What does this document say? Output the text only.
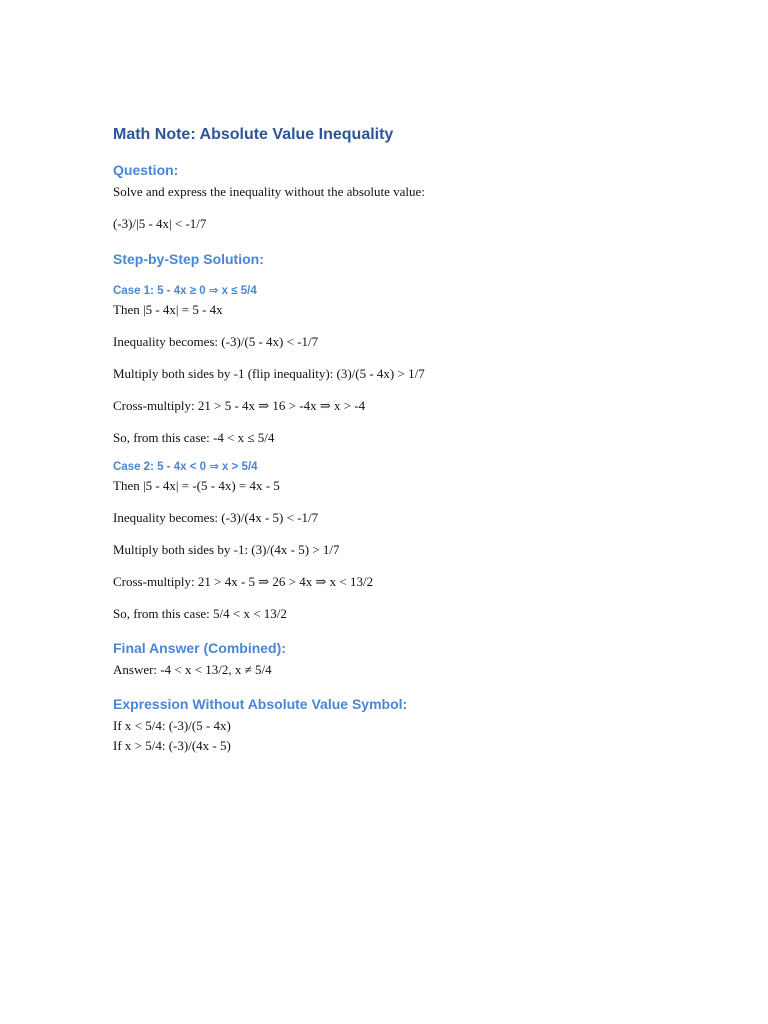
Math Note: Absolute Value Inequality
Question:
Solve and express the inequality without the absolute value:
(-3)/|5 - 4x| < -1/7
Step-by-Step Solution:
Case 1: 5 - 4x ≥ 0 ⇒ x ≤ 5/4
Then |5 - 4x| = 5 - 4x
Inequality becomes: (-3)/(5 - 4x) < -1/7
Multiply both sides by -1 (flip inequality): (3)/(5 - 4x) > 1/7
Cross-multiply: 21 > 5 - 4x ⇒ 16 > -4x ⇒ x > -4
So, from this case: -4 < x ≤ 5/4
Case 2: 5 - 4x < 0 ⇒ x > 5/4
Then |5 - 4x| = -(5 - 4x) = 4x - 5
Inequality becomes: (-3)/(4x - 5) < -1/7
Multiply both sides by -1: (3)/(4x - 5) > 1/7
Cross-multiply: 21 > 4x - 5 ⇒ 26 > 4x ⇒ x < 13/2
So, from this case: 5/4 < x < 13/2
Final Answer (Combined):
Answer: -4 < x < 13/2, x ≠ 5/4
Expression Without Absolute Value Symbol:
If x < 5/4: (-3)/(5 - 4x)
If x > 5/4: (-3)/(4x - 5)
